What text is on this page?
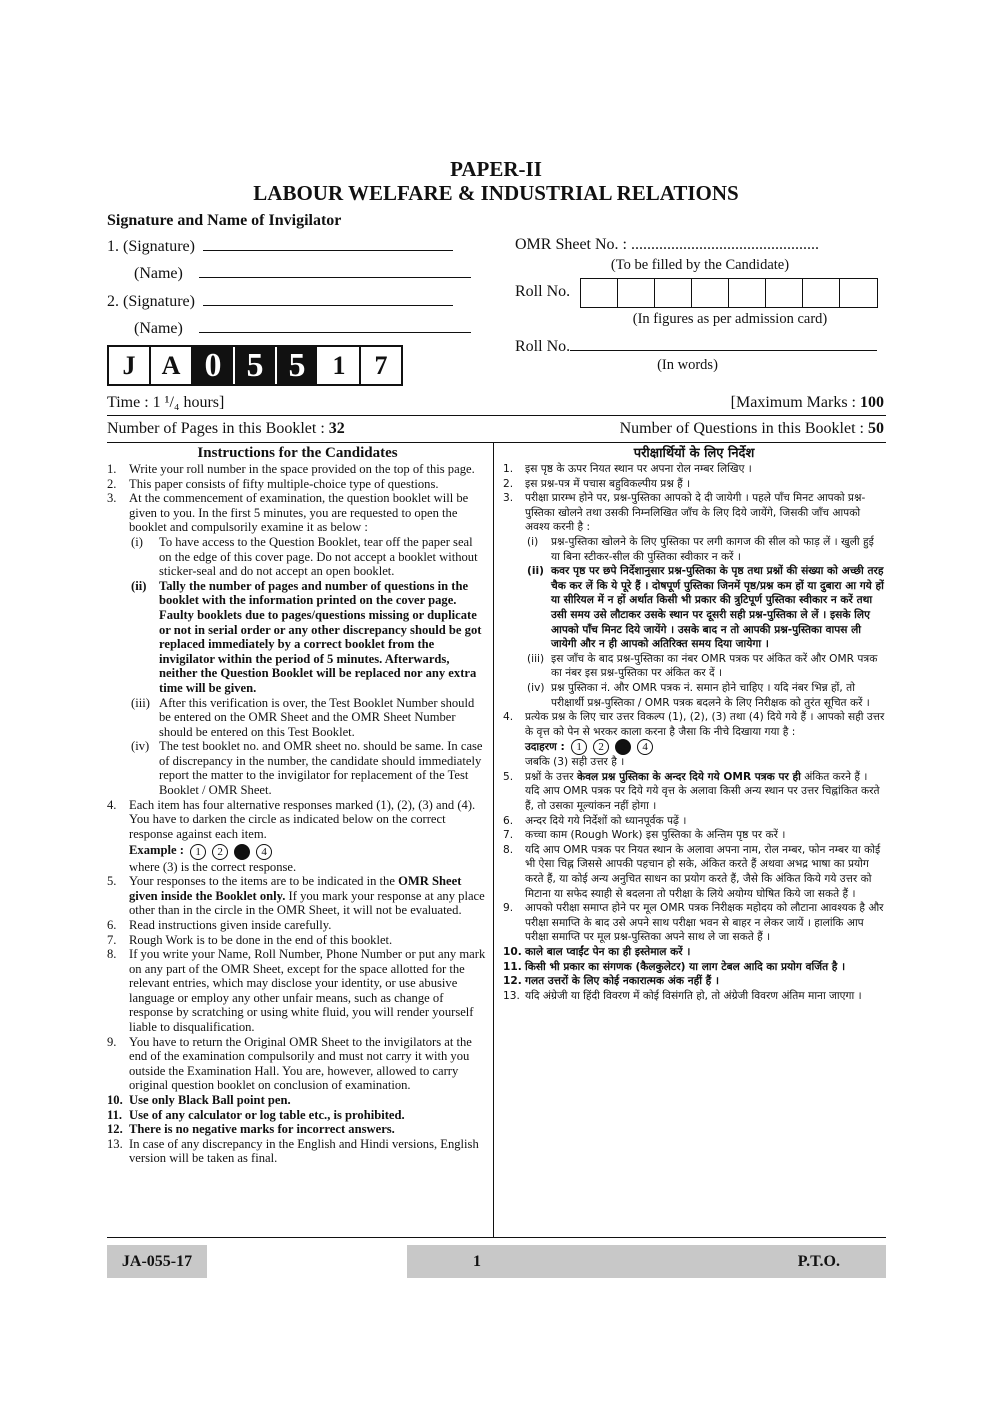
PAPER-II
LABOUR WELFARE & INDUSTRIAL RELATIONS
Signature and Name of Invigilator
1. (Signature)
(Name)
2. (Signature)
(Name)
OMR Sheet No. : ...............................................
(To be filled by the Candidate)
Roll No.
(In figures as per admission card)
Roll No.
(In words)
J	A 0 5 5	1	7
Time : 1 ¹/₄ hours]	[Maximum Marks : 100
Number of Pages in this Booklet : 32	Number of Questions in this Booklet : 50
Instructions for the Candidates
1. Write your roll number in the space provided on the top of this page.
2. This paper consists of fifty multiple-choice type of questions.
3. At the commencement of examination, the question booklet will be given to you. In the first 5 minutes, you are requested to open the booklet and compulsorily examine it as below :
(i) To have access to the Question Booklet, tear off the paper seal on the edge of this cover page. Do not accept a booklet without sticker-seal and do not accept an open booklet.
(ii) Tally the number of pages and number of questions in the booklet with the information printed on the cover page. Faulty booklets due to pages/questions missing or duplicate or not in serial order or any other discrepancy should be got replaced immediately by a correct booklet from the invigilator within the period of 5 minutes. Afterwards, neither the Question Booklet will be replaced nor any extra time will be given.
(iii) After this verification is over, the Test Booklet Number should be entered on the OMR Sheet and the OMR Sheet Number should be entered on this Test Booklet.
(iv) The test booklet no. and OMR sheet no. should be same. In case of discrepancy in the number, the candidate should immediately report the matter to the invigilator for replacement of the Test Booklet / OMR Sheet.
4. Each item has four alternative responses marked (1), (2), (3) and (4). You have to darken the circle as indicated below on the correct response against each item.
Example : 1 2 3 4
where (3) is the correct response.
5. Your responses to the items are to be indicated in the OMR Sheet given inside the Booklet only. If you mark your response at any place other than in the circle in the OMR Sheet, it will not be evaluated.
6. Read instructions given inside carefully.
7. Rough Work is to be done in the end of this booklet.
8. If you write your Name, Roll Number, Phone Number or put any mark on any part of the OMR Sheet, except for the space allotted for the relevant entries, which may disclose your identity, or use abusive language or employ any other unfair means, such as change of response by scratching or using white fluid, you will render yourself liable to disqualification.
9. You have to return the Original OMR Sheet to the invigilators at the end of the examination compulsorily and must not carry it with you outside the Examination Hall. You are, however, allowed to carry original question booklet on conclusion of examination.
10. Use only Black Ball point pen.
11. Use of any calculator or log table etc., is prohibited.
12. There is no negative marks for incorrect answers.
13. In case of any discrepancy in the English and Hindi versions, English version will be taken as final.
परीक्षार्थियों के लिए निर्देश
1. इस पृष्ठ के ऊपर नियत स्थान पर अपना रोल नम्बर लिखिए ।
2. इस प्रश्न-पत्र में पचास बहुविकल्पीय प्रश्न हैं ।
3. परीक्षा प्रारम्भ होने पर, प्रश्न-पुस्तिका आपको दे दी जायेगी । पहले पाँच मिनट आपको प्रश्न-पुस्तिका खोलने तथा उसकी निम्नलिखित जाँच के लिए दिये जायेंगे, जिसकी जाँच आपको अवश्य करनी है :
(i) प्रश्न-पुस्तिका खोलने के लिए पुस्तिका पर लगी कागज की सील को फाड़ लें । खुली हुई या बिना स्टीकर-सील की पुस्तिका स्वीकार न करें ।
(ii) कवर पृष्ठ पर छपे निर्देशानुसार प्रश्न-पुस्तिका के पृष्ठ तथा प्रश्नों की संख्या को अच्छी तरह चैक कर लें कि ये पूरे हैं । दोषपूर्ण पुस्तिका जिनमें पृष्ठ/प्रश्न कम हों या दुबारा आ गये हों या सीरियल में न हों अर्थात किसी भी प्रकार की त्रुटिपूर्ण पुस्तिका स्वीकार न करें तथा उसी समय उसे लौटाकर उसके स्थान पर दूसरी सही प्रश्न-पुस्तिका ले लें । इसके लिए आपको पाँच मिनट दिये जायेंगे । उसके बाद न तो आपकी प्रश्न-पुस्तिका वापस ली जायेगी और न ही आपको अतिरिक्त समय दिया जायेगा ।
(iii) इस जाँच के बाद प्रश्न-पुस्तिका का नंबर OMR पत्रक पर अंकित करें और OMR पत्रक का नंबर इस प्रश्न-पुस्तिका पर अंकित कर दें ।
(iv) प्रश्न पुस्तिका नं. और OMR पत्रक नं. समान होने चाहिए । यदि नंबर भिन्न हों, तो परीक्षार्थी प्रश्न-पुस्तिका / OMR पत्रक बदलने के लिए निरीक्षक को तुरंत सूचित करें ।
4. प्रत्येक प्रश्न के लिए चार उत्तर विकल्प (1), (2), (3) तथा (4) दिये गये हैं । आपको सही उत्तर के वृत्त को पेन से भरकर काला करना है जैसा कि नीचे दिखाया गया है :
उदाहरण : 1 2 3 4
जबकि (3) सही उत्तर है ।
5. प्रश्नों के उत्तर केवल प्रश्न पुस्तिका के अन्दर दिये गये OMR पत्रक पर ही अंकित करने हैं । यदि आप OMR पत्रक पर दिये गये वृत्त के अलावा किसी अन्य स्थान पर उत्तर चिह्नांकित करते हैं, तो उसका मूल्यांकन नहीं होगा ।
6. अन्दर दिये गये निर्देशों को ध्यानपूर्वक पढ़ें ।
7. कच्चा काम (Rough Work) इस पुस्तिका के अन्तिम पृष्ठ पर करें ।
8. यदि आप OMR पत्रक पर नियत स्थान के अलावा अपना नाम, रोल नम्बर, फोन नम्बर या कोई भी ऐसा चिह्न जिससे आपकी पहचान हो सके, अंकित करते हैं अथवा अभद्र भाषा का प्रयोग करते हैं, या कोई अन्य अनुचित साधन का प्रयोग करते हैं, जैसे कि अंकित किये गये उत्तर को मिटाना या सफेद स्याही से बदलना तो परीक्षा के लिये अयोग्य घोषित किये जा सकते हैं ।
9. आपको परीक्षा समाप्त होने पर मूल OMR पत्रक निरीक्षक महोदय को लौटाना आवश्यक है और परीक्षा समाप्ति के बाद उसे अपने साथ परीक्षा भवन से बाहर न लेकर जायें । हालांकि आप परीक्षा समाप्ति पर मूल प्रश्न-पुस्तिका अपने साथ ले जा सकते हैं ।
10. काले बाल प्वाईंट पेन का ही इस्तेमाल करें ।
11. किसी भी प्रकार का संगणक (कैलकुलेटर) या लाग टेबल आदि का प्रयोग वर्जित है ।
12. गलत उत्तरों के लिए कोई नकारात्मक अंक नहीं हैं ।
13. यदि अंग्रेजी या हिंदी विवरण में कोई विसंगति हो, तो अंग्रेजी विवरण अंतिम माना जाएगा ।
JA-055-17	1	P.T.O.
